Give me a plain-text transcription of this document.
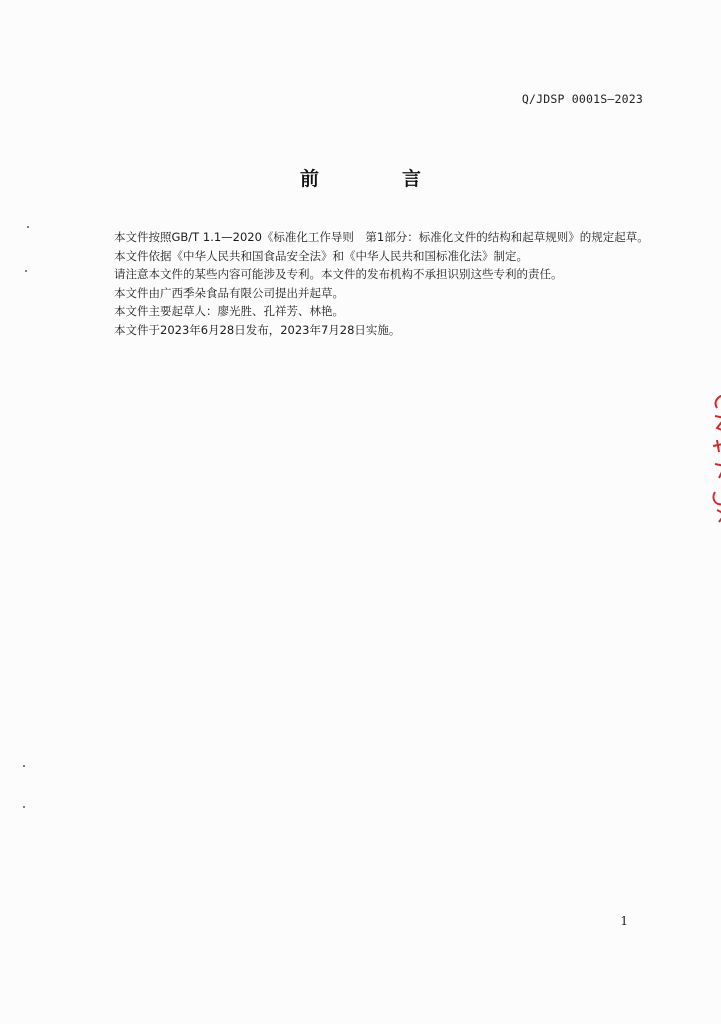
Q/JDSP 0001S—2023
前　言

本文件按照GB/T 1.1—2020《标准化工作导则　第1部分：标准化文件的结构和起草规则》的规定起草。

本文件依据《中华人民共和国食品安全法》和《中华人民共和国标准化法》制定。

请注意本文件的某些内容可能涉及专利。本文件的发布机构不承担识别这些专利的责任。

本文件由广西季朵食品有限公司提出并起草。

本文件主要起草人：廖光胜、孔祥芳、林艳。

本文件于2023年6月28日发布，2023年7月28日实施。

1
